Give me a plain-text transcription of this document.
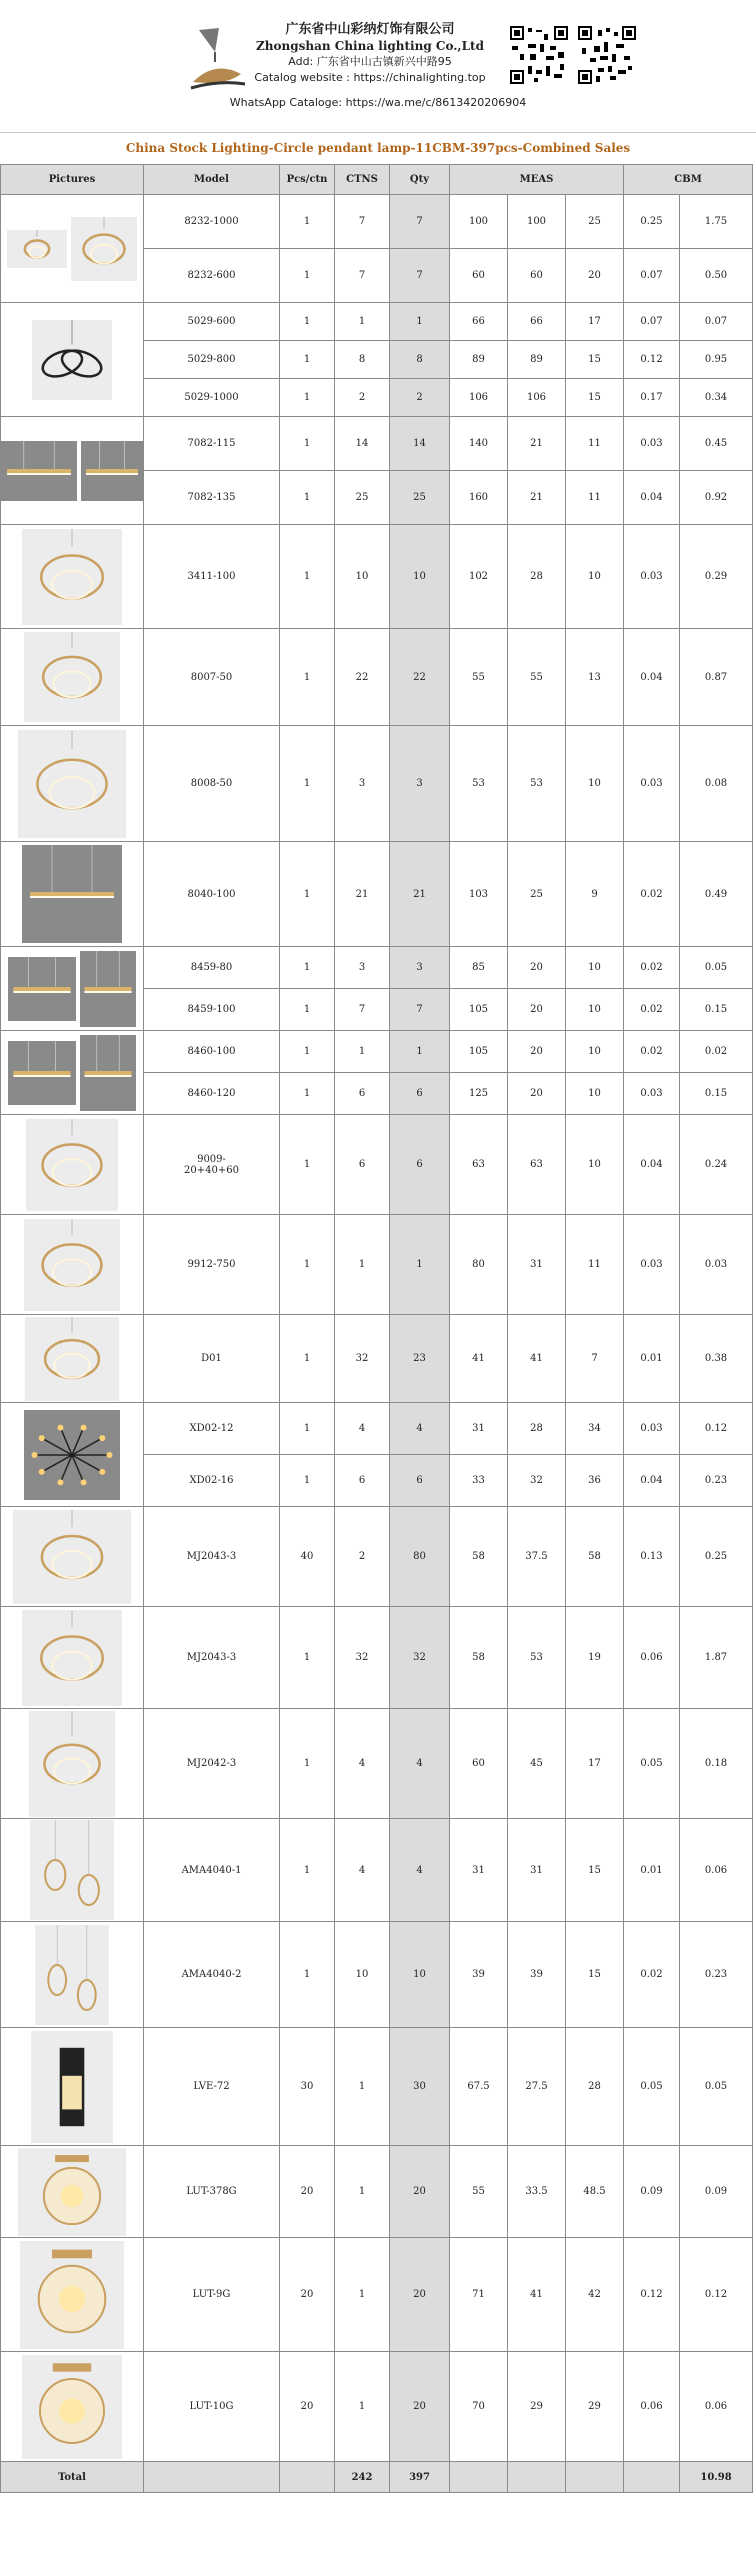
广东省中山彩纳灯饰有限公司
Zhongshan China lighting Co.,Ltd
Add: 广东省中山古镇新兴中路95
Catalog website : https://chinalighting.top
WhatsApp Cataloge: https://wa.me/c/8613420206904
China Stock Lighting-Circle pendant lamp-11CBM-397pcs-Combined Sales
Pictures	Model	Pcs/ctn	CTNS	Qty	MEAS			CBM	

	8232-1000	1	7	7	100	100	25	0.25	1.75
	8232-600	1	7	7	60	60	20	0.07	0.50

	5029-600	1	1	1	66	66	17	0.07	0.07
	5029-800	1	8	8	89	89	15	0.12	0.95
	5029-1000	1	2	2	106	106	15	0.17	0.34

	7082-115	1	14	14	140	21	11	0.03	0.45
	7082-135	1	25	25	160	21	11	0.04	0.92

	3411-100	1	10	10	102	28	10	0.03	0.29

	8007-50	1	22	22	55	55	13	0.04	0.87

	8008-50	1	3	3	53	53	10	0.03	0.08

	8040-100	1	21	21	103	25	9	0.02	0.49

	8459-80	1	3	3	85	20	10	0.02	0.05
	8459-100	1	7	7	105	20	10	0.02	0.15

	8460-100	1	1	1	105	20	10	0.02	0.02
	8460-120	1	6	6	125	20	10	0.03	0.15

	9009-
20+40+60	1	6	6	63	63	10	0.04	0.24

	9912-750	1	1	1	80	31	11	0.03	0.03

	D01	1	32	23	41	41	7	0.01	0.38

	XD02-12	1	4	4	31	28	34	0.03	0.12
	XD02-16	1	6	6	33	32	36	0.04	0.23

	MJ2043-3	40	2	80	58	37.5	58	0.13	0.25

	MJ2043-3	1	32	32	58	53	19	0.06	1.87

	MJ2042-3	1	4	4	60	45	17	0.05	0.18

	AMA4040-1	1	4	4	31	31	15	0.01	0.06

	AMA4040-2	1	10	10	39	39	15	0.02	0.23

	LVE-72	30	1	30	67.5	27.5	28	0.05	0.05

	LUT-378G	20	1	20	55	33.5	48.5	0.09	0.09

	LUT-9G	20	1	20	71	41	42	0.12	0.12

	LUT-10G	20	1	20	70	29	29	0.06	0.06
Total			242	397					10.98
